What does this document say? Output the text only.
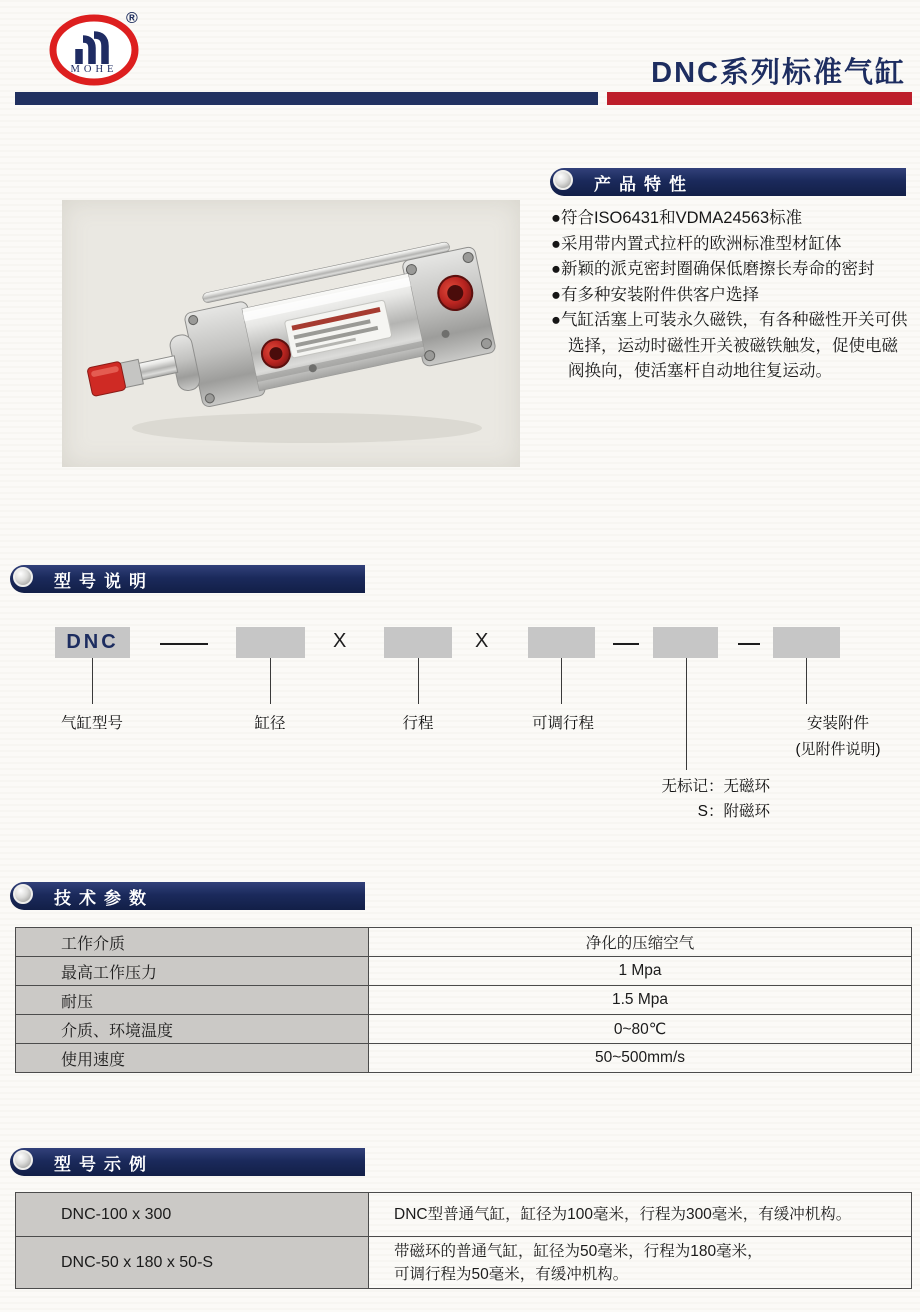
MOHE
®
DNC系列标准气缸
产品特性
●符合ISO6431和VDMA24563标准
●采用带内置式拉杆的欧洲标准型材缸体
●新颖的派克密封圈确保低磨擦长寿命的密封
●有多种安装附件供客户选择
●气缸活塞上可装永久磁铁，有各种磁性开关可供选择，运动时磁性开关被磁铁触发，促使电磁阀换向，使活塞杆自动地往复运动。
型号说明
DNC	X	X
气缸型号	缸径	行程	可调行程	安装附件
(见附件说明)
无标记：无磁环
S：附磁环
技术参数
工作介质	净化的压缩空气
最高工作压力	1 Mpa
耐压	1.5 Mpa
介质、环境温度	0~80℃
使用速度	50~500mm/s
型号示例
DNC-100 x 300	DNC型普通气缸，缸径为100毫米，行程为300毫米，有缓冲机构。
DNC-50 x 180 x 50-S	带磁环的普通气缸，缸径为50毫米，行程为180毫米，
可调行程为50毫米，有缓冲机构。
